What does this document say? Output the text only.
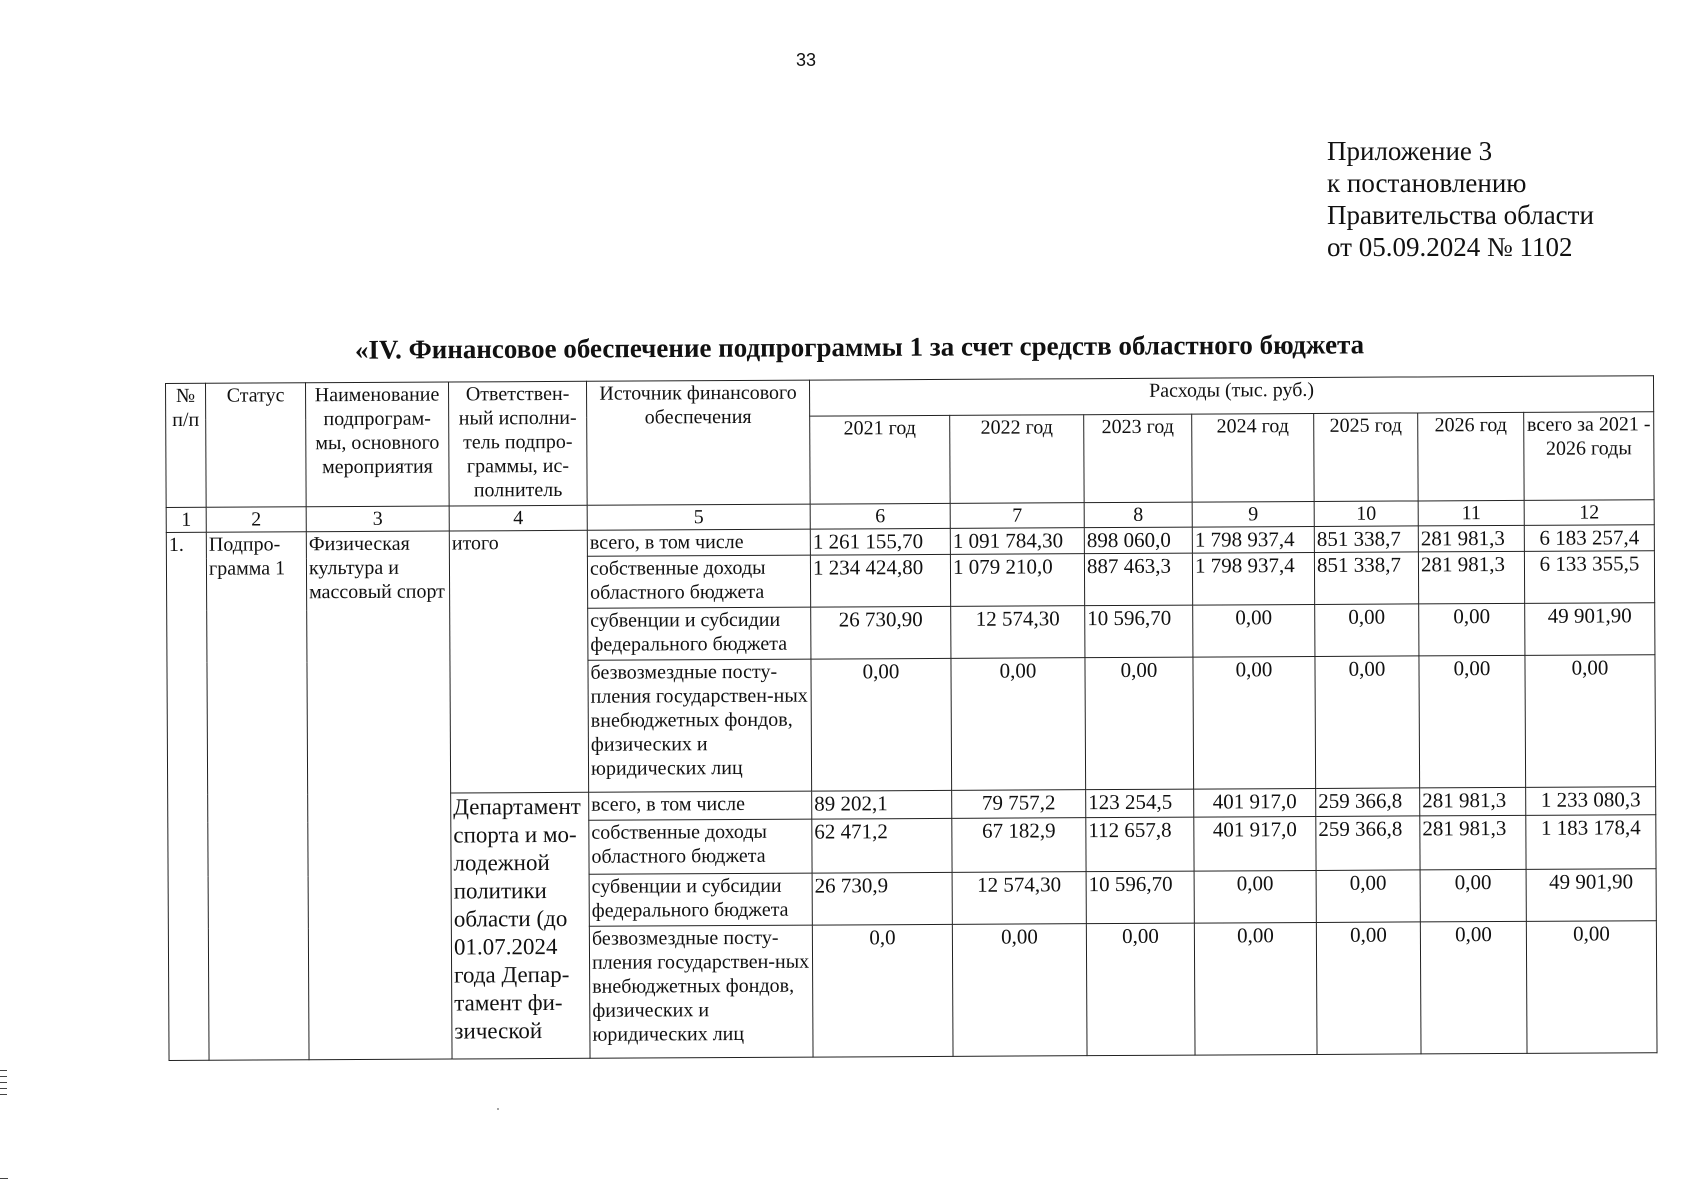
33
Приложение 3
к постановлению
Правительства области
от 05.09.2024 № 1102
«IV. Финансовое обеспечение подпрограммы 1 за счет средств областного бюджета
№ п/п	Статус	Наименование подпрограм-мы, основного мероприятия	Ответствен-ный исполни-тель подпро-граммы, ис-полнитель	Источник финансового обеспечения	Расходы (тыс. руб.)						
					2021 год	2022 год	2023 год	2024 год	2025 год	2026 год	всего за 2021 - 2026 годы
1	2	3	4	5	6	7	8	9	10	11	12
1.	Подпро-грамма 1	Физическая культура и массовый спорт	итого	всего, в том числе	1 261 155,70	1 091 784,30	898 060,0	1 798 937,4	851 338,7	281 981,3	6 183 257,4
				собственные доходы областного бюджета	1 234 424,80	1 079 210,0	887 463,3	1 798 937,4	851 338,7	281 981,3	6 133 355,5
				субвенции и субсидии федерального бюджета	26 730,90	12 574,30	10 596,70	0,00	0,00	0,00	49 901,90
				безвозмездные посту-пления государствен-ных внебюджетных фондов, физических и юридических лиц	0,00	0,00	0,00	0,00	0,00	0,00	0,00
			Департамент спорта и мо-лодежной политики области (до 01.07.2024 года Депар-тамент фи-зической	всего, в том числе	89 202,1	79 757,2	123 254,5	401 917,0	259 366,8	281 981,3	1 233 080,3
				собственные доходы областного бюджета	62 471,2	67 182,9	112 657,8	401 917,0	259 366,8	281 981,3	1 183 178,4
				субвенции и субсидии федерального бюджета	26 730,9	12 574,30	10 596,70	0,00	0,00	0,00	49 901,90
				безвозмездные посту-пления государствен-ных внебюджетных фондов, физических и юридических лиц	0,0	0,00	0,00	0,00	0,00	0,00	0,00
